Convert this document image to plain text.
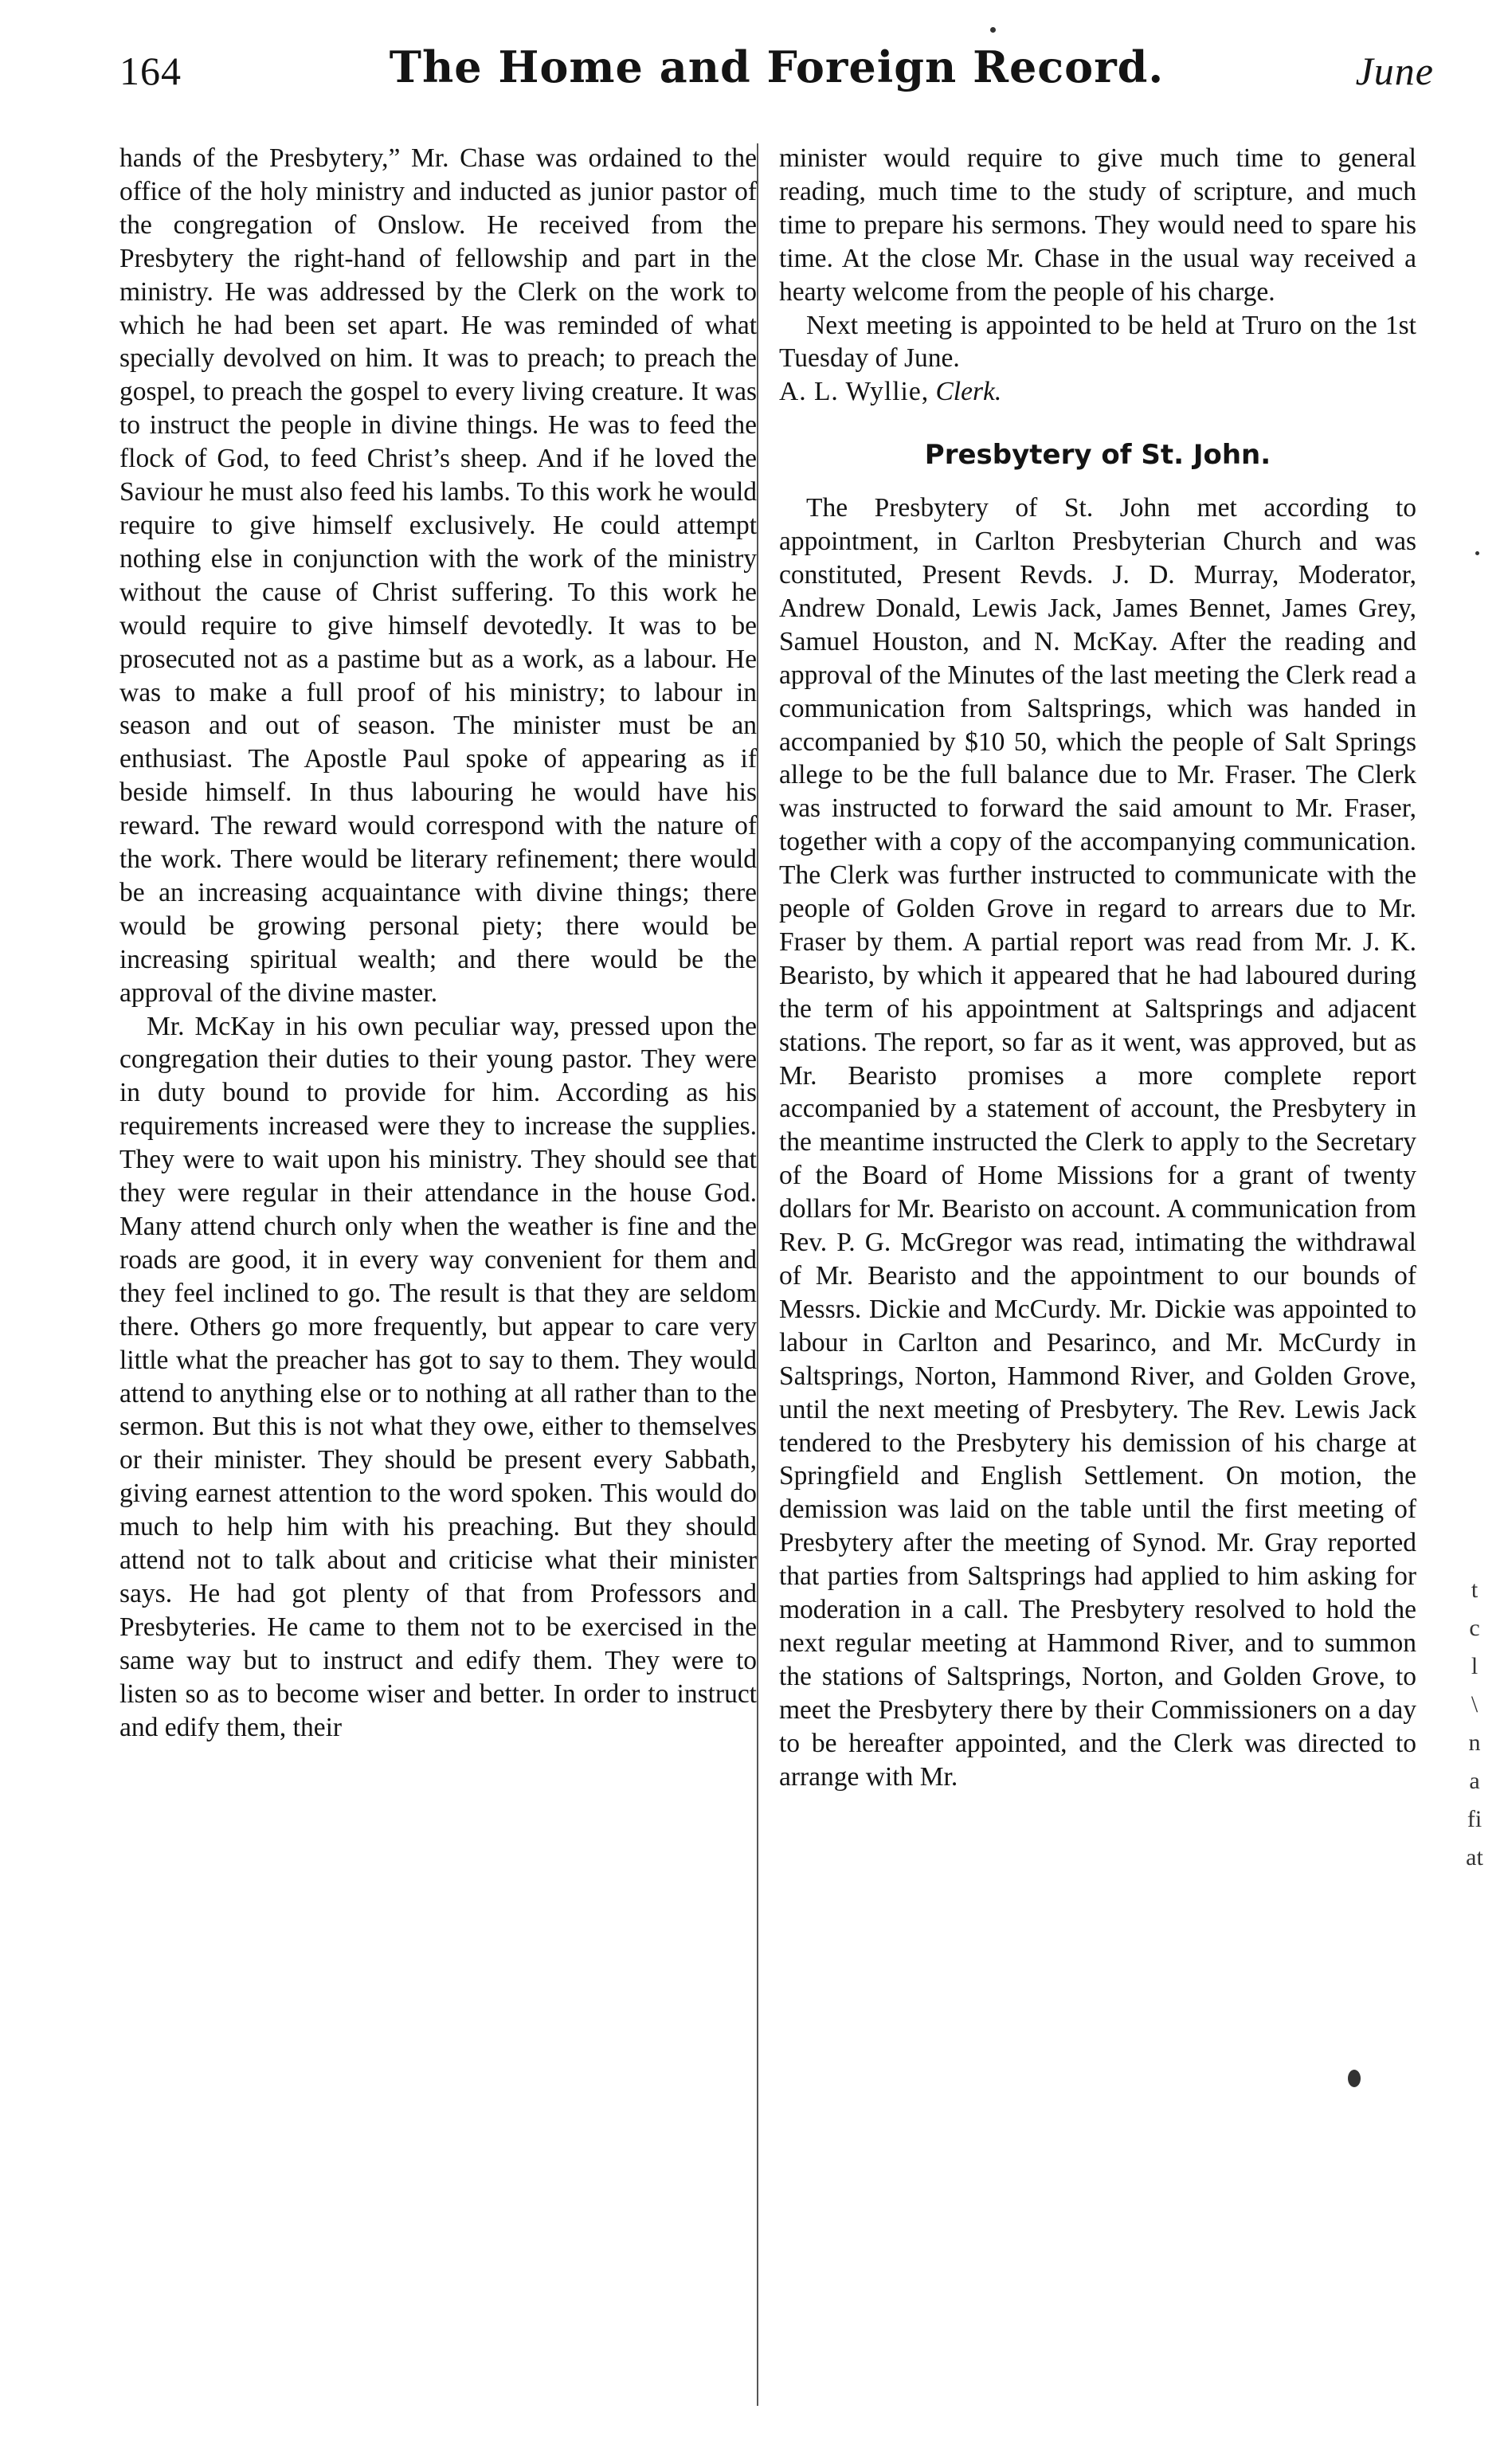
164	The Home and Foreign Record.	June

hands of the Presbytery,” Mr. Chase was ordained to the office of the holy ministry and inducted as junior pastor of the congregation of Onslow. He received from the Presbytery the right-hand of fellowship and part in the ministry. He was addressed by the Clerk on the work to which he had been set apart. He was reminded of what specially devolved on him. It was to preach; to preach the gospel, to preach the gospel to every living creature. It was to instruct the people in divine things. He was to feed the flock of God, to feed Christ’s sheep. And if he loved the Saviour he must also feed his lambs. To this work he would require to give himself exclusively. He could attempt nothing else in conjunction with the work of the ministry without the cause of Christ suffering. To this work he would require to give himself devotedly. It was to be prosecuted not as a pastime but as a work, as a labour. He was to make a full proof of his ministry; to labour in season and out of season. The minister must be an enthusiast. The Apostle Paul spoke of appearing as if beside himself. In thus labouring he would have his reward. The reward would correspond with the nature of the work. There would be literary refinement; there would be an increasing acquaintance with divine things; there would be growing personal piety; there would be increasing spiritual wealth; and there would be the approval of the divine master.

Mr. McKay in his own peculiar way, pressed upon the congregation their duties to their young pastor. They were in duty bound to provide for him. According as his requirements increased were they to increase the supplies. They were to wait upon his ministry. They should see that they were regular in their attendance in the house God. Many attend church only when the weather is fine and the roads are good, it in every way convenient for them and they feel inclined to go. The result is that they are seldom there. Others go more frequently, but appear to care very little what the preacher has got to say to them. They would attend to anything else or to nothing at all rather than to the sermon. But this is not what they owe, either to themselves or their minister. They should be present every Sabbath, giving earnest attention to the word spoken. This would do much to help him with his preaching. But they should attend not to talk about and criticise what their minister says. He had got plenty of that from Professors and Presbyteries. He came to them not to be exercised in the same way but to instruct and edify them. They were to listen so as to become wiser and better. In order to instruct and edify them, their

minister would require to give much time to general reading, much time to the study of scripture, and much time to prepare his sermons. They would need to spare his time. At the close Mr. Chase in the usual way received a hearty welcome from the people of his charge.

Next meeting is appointed to be held at Truro on the 1st Tuesday of June.

A. L. Wyllie, Clerk.

Presbytery of St. John.

The Presbytery of St. John met according to appointment, in Carlton Presbyterian Church and was constituted, Present Revds. J. D. Murray, Moderator, Andrew Donald, Lewis Jack, James Bennet, James Grey, Samuel Houston, and N. McKay. After the reading and approval of the Minutes of the last meeting the Clerk read a communication from Saltsprings, which was handed in accompanied by $10 50, which the people of Salt Springs allege to be the full balance due to Mr. Fraser. The Clerk was instructed to forward the said amount to Mr. Fraser, together with a copy of the accompanying communication. The Clerk was further instructed to communicate with the people of Golden Grove in regard to arrears due to Mr. Fraser by them. A partial report was read from Mr. J. K. Bearisto, by which it appeared that he had laboured during the term of his appointment at Saltsprings and adjacent stations. The report, so far as it went, was approved, but as Mr. Bearisto promises a more complete report accompanied by a statement of account, the Presbytery in the meantime instructed the Clerk to apply to the Secretary of the Board of Home Missions for a grant of twenty dollars for Mr. Bearisto on account. A communication from Rev. P. G. McGregor was read, intimating the withdrawal of Mr. Bearisto and the appointment to our bounds of Messrs. Dickie and McCurdy. Mr. Dickie was appointed to labour in Carlton and Pesarinco, and Mr. McCurdy in Saltsprings, Norton, Hammond River, and Golden Grove, until the next meeting of Presbytery. The Rev. Lewis Jack tendered to the Presbytery his demission of his charge at Springfield and English Settlement. On motion, the demission was laid on the table until the first meeting of Presbytery after the meeting of Synod. Mr. Gray reported that parties from Saltsprings had applied to him asking for moderation in a call. The Presbytery resolved to hold the next regular meeting at Hammond River, and to summon the stations of Saltsprings, Norton, and Golden Grove, to meet the Presbytery there by their Commissioners on a day to be hereafter appointed, and the Clerk was directed to arrange with Mr.

t
c
l
\
n
a
fi
at
